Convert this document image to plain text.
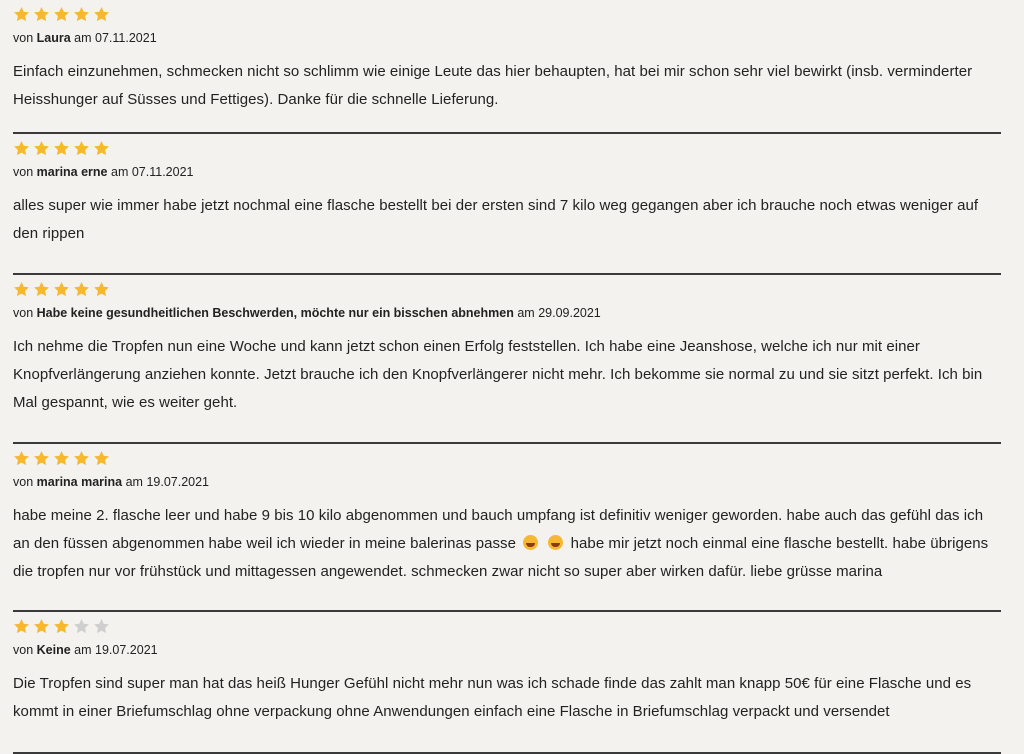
von Laura am 07.11.2021
Einfach einzunehmen, schmecken nicht so schlimm wie einige Leute das hier behaupten, hat bei mir schon sehr viel bewirkt (insb. verminderter Heisshunger auf Süsses und Fettiges). Danke für die schnelle Lieferung.
von marina erne am 07.11.2021
alles super wie immer habe jetzt nochmal eine flasche bestellt bei der ersten sind 7 kilo weg gegangen aber ich brauche noch etwas weniger auf den rippen
von Habe keine gesundheitlichen Beschwerden, möchte nur ein bisschen abnehmen am 29.09.2021
Ich nehme die Tropfen nun eine Woche und kann jetzt schon einen Erfolg feststellen. Ich habe eine Jeanshose, welche ich nur mit einer Knopfverlängerung anziehen konnte. Jetzt brauche ich den Knopfverlängerer nicht mehr. Ich bekomme sie normal zu und sie sitzt perfekt. Ich bin Mal gespannt, wie es weiter geht.
von marina marina am 19.07.2021
habe meine 2. flasche leer und habe 9 bis 10 kilo abgenommen und bauch umpfang ist definitiv weniger geworden. habe auch das gefühl das ich an den füssen abgenommen habe weil ich wieder in meine balerinas passe	habe mir jetzt noch einmal eine flasche bestellt. habe übrigens die tropfen nur vor frühstück und mittagessen angewendet. schmecken zwar nicht so super aber wirken dafür. liebe grüsse marina
von Keine am 19.07.2021
Die Tropfen sind super man hat das heiß Hunger Gefühl nicht mehr nun was ich schade finde das zahlt man knapp 50€ für eine Flasche und es kommt in einer Briefumschlag ohne verpackung ohne Anwendungen einfach eine Flasche in Briefumschlag verpackt und versendet
